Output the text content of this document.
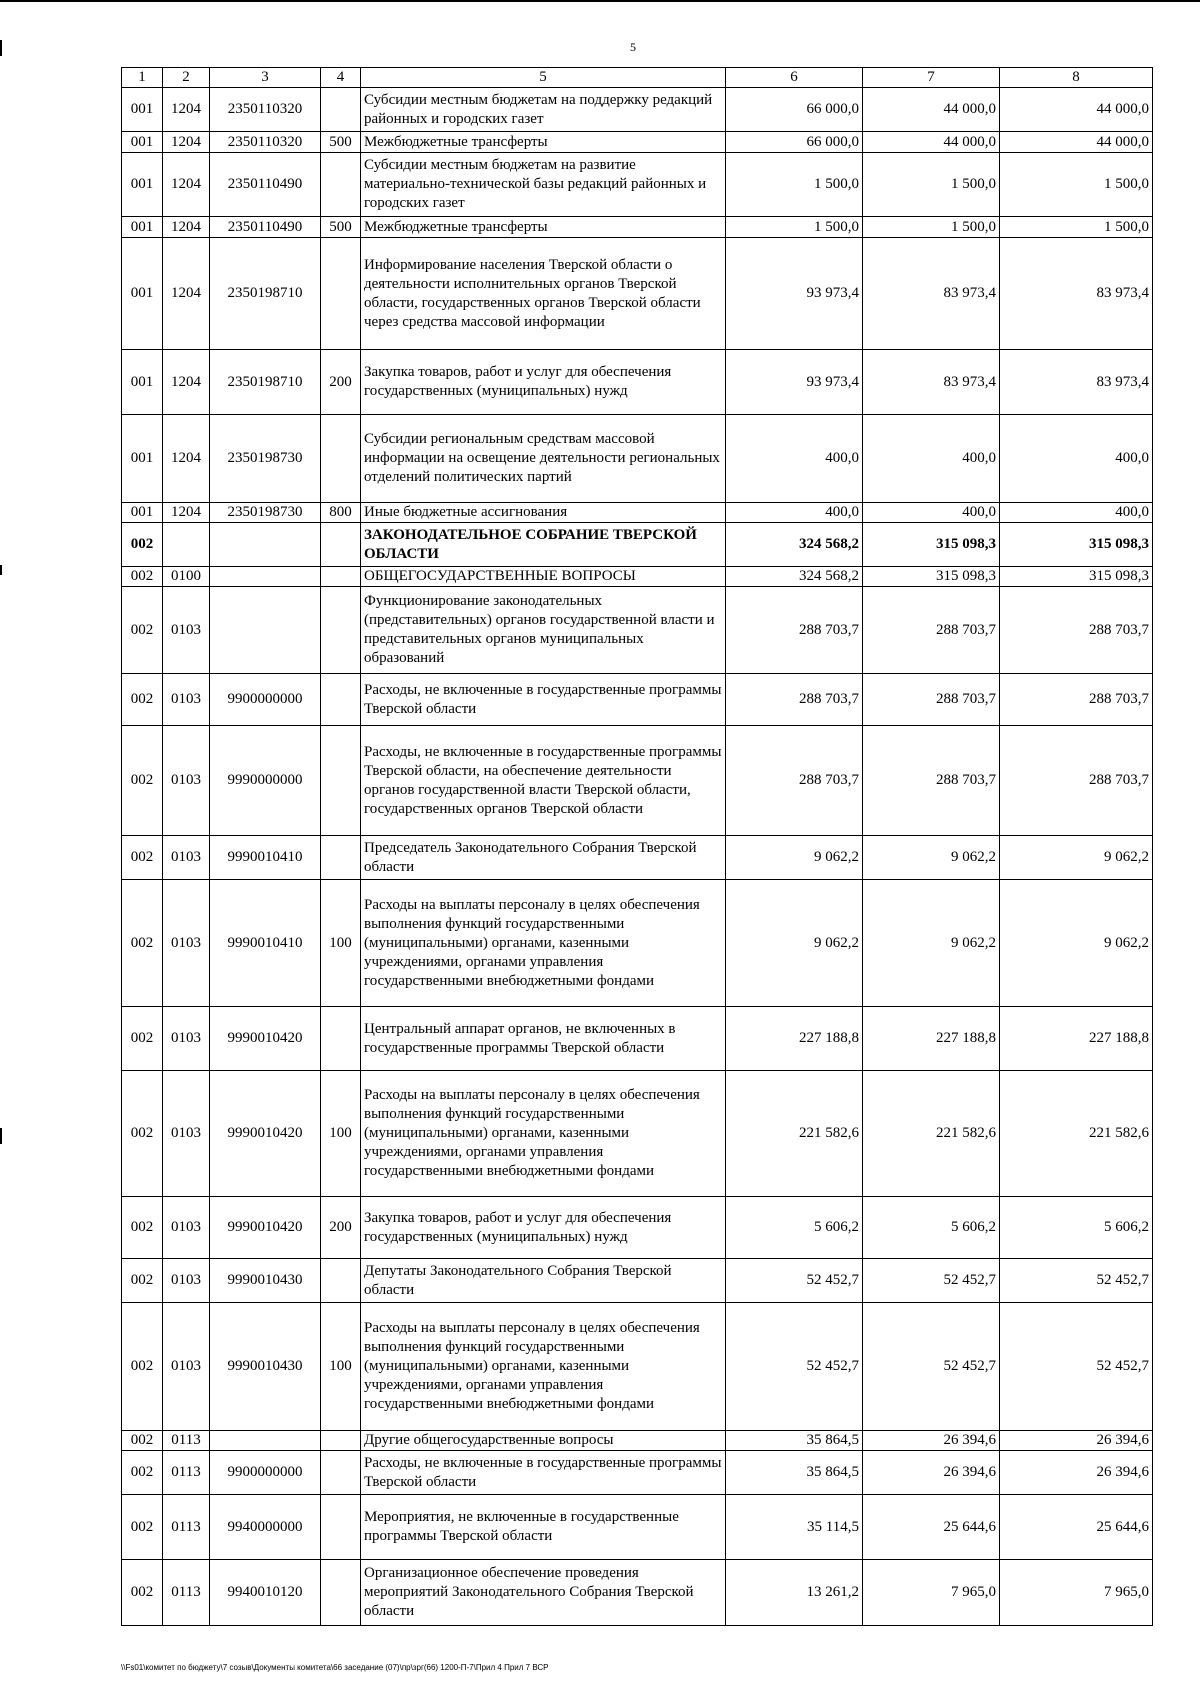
5
1	2	3	4	5	6	7	8
001	1204	2350110320		Субсидии местным бюджетам на поддержку редакций районных и городских газет	66 000,0	44 000,0	44 000,0
001	1204	2350110320	500	Межбюджетные трансферты	66 000,0	44 000,0	44 000,0
001	1204	2350110490		Субсидии местным бюджетам на развитие материально-технической базы редакций районных и городских газет	1 500,0	1 500,0	1 500,0
001	1204	2350110490	500	Межбюджетные трансферты	1 500,0	1 500,0	1 500,0
001	1204	2350198710		Информирование населения Тверской области о деятельности исполнительных органов Тверской области, государственных органов Тверской области через средства массовой информации	93 973,4	83 973,4	83 973,4
001	1204	2350198710	200	Закупка товаров, работ и услуг для обеспечения государственных (муниципальных) нужд	93 973,4	83 973,4	83 973,4
001	1204	2350198730		Субсидии региональным средствам массовой информации на освещение деятельности региональных отделений политических партий	400,0	400,0	400,0
001	1204	2350198730	800	Иные бюджетные ассигнования	400,0	400,0	400,0
002				ЗАКОНОДАТЕЛЬНОЕ СОБРАНИЕ ТВЕРСКОЙ ОБЛАСТИ	324 568,2	315 098,3	315 098,3
002	0100			ОБЩЕГОСУДАРСТВЕННЫЕ ВОПРОСЫ	324 568,2	315 098,3	315 098,3
002	0103			Функционирование законодательных (представительных) органов государственной власти и представительных органов муниципальных образований	288 703,7	288 703,7	288 703,7
002	0103	9900000000		Расходы, не включенные в государственные программы Тверской области	288 703,7	288 703,7	288 703,7
002	0103	9990000000		Расходы, не включенные в государственные программы Тверской области, на обеспечение деятельности органов государственной власти Тверской области, государственных органов Тверской области	288 703,7	288 703,7	288 703,7
002	0103	9990010410		Председатель Законодательного Собрания Тверской области	9 062,2	9 062,2	9 062,2
002	0103	9990010410	100	Расходы на выплаты персоналу в целях обеспечения выполнения функций государственными (муниципальными) органами, казенными учреждениями, органами управления государственными внебюджетными фондами	9 062,2	9 062,2	9 062,2
002	0103	9990010420		Центральный аппарат органов, не включенных в государственные программы Тверской области	227 188,8	227 188,8	227 188,8
002	0103	9990010420	100	Расходы на выплаты персоналу в целях обеспечения выполнения функций государственными (муниципальными) органами, казенными учреждениями, органами управления государственными внебюджетными фондами	221 582,6	221 582,6	221 582,6
002	0103	9990010420	200	Закупка товаров, работ и услуг для обеспечения государственных (муниципальных) нужд	5 606,2	5 606,2	5 606,2
002	0103	9990010430		Депутаты Законодательного Собрания Тверской области	52 452,7	52 452,7	52 452,7
002	0103	9990010430	100	Расходы на выплаты персоналу в целях обеспечения выполнения функций государственными (муниципальными) органами, казенными учреждениями, органами управления государственными внебюджетными фондами	52 452,7	52 452,7	52 452,7
002	0113			Другие общегосударственные вопросы	35 864,5	26 394,6	26 394,6
002	0113	9900000000		Расходы, не включенные в государственные программы Тверской области	35 864,5	26 394,6	26 394,6
002	0113	9940000000		Мероприятия, не включенные в государственные программы Тверской области	35 114,5	25 644,6	25 644,6
002	0113	9940010120		Организационное обеспечение проведения мероприятий Законодательного Собрания Тверской области	13 261,2	7 965,0	7 965,0
\\Fs01\комитет по бюджету\7 созыв\Документы комитета\66 заседание (07)\пр\зрг(66) 1200-П-7\Прил 4 Прил 7 ВСР
